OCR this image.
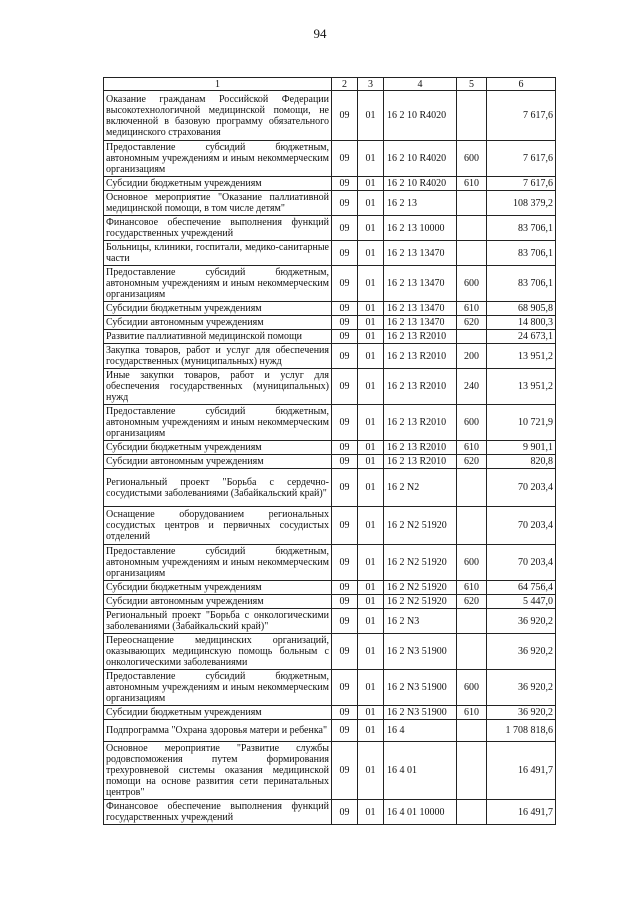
94
1	2	3	4	5	6
Оказание гражданам Российской Федерации высокотехнологичной медицинской помощи, не включенной в базовую программу обязательного медицинского страхования	09	01	16 2 10 R4020		7 617,6
Предоставление субсидий бюджетным, автономным учреждениям и иным некоммерческим организациям	09	01	16 2 10 R4020	600	7 617,6
Субсидии бюджетным учреждениям	09	01	16 2 10 R4020	610	7 617,6
Основное мероприятие "Оказание паллиативной медицинской помощи, в том числе детям"	09	01	16 2 13		108 379,2
Финансовое обеспечение выполнения функций государственных учреждений	09	01	16 2 13 10000		83 706,1
Больницы, клиники, госпитали, медико-санитарные части	09	01	16 2 13 13470		83 706,1
Предоставление субсидий бюджетным, автономным учреждениям и иным некоммерческим организациям	09	01	16 2 13 13470	600	83 706,1
Субсидии бюджетным учреждениям	09	01	16 2 13 13470	610	68 905,8
Субсидии автономным учреждениям	09	01	16 2 13 13470	620	14 800,3
Развитие паллиативной медицинской помощи	09	01	16 2 13 R2010		24 673,1
Закупка товаров, работ и услуг для обеспечения государственных (муниципальных) нужд	09	01	16 2 13 R2010	200	13 951,2
Иные закупки товаров, работ и услуг для обеспечения государственных (муниципальных) нужд	09	01	16 2 13 R2010	240	13 951,2
Предоставление субсидий бюджетным, автономным учреждениям и иным некоммерческим организациям	09	01	16 2 13 R2010	600	10 721,9
Субсидии бюджетным учреждениям	09	01	16 2 13 R2010	610	9 901,1
Субсидии автономным учреждениям	09	01	16 2 13 R2010	620	820,8
Региональный проект "Борьба с сердечно-сосудистыми заболеваниями (Забайкальский край)"	09	01	16 2 N2		70 203,4
Оснащение оборудованием региональных сосудистых центров и первичных сосудистых отделений	09	01	16 2 N2 51920		70 203,4
Предоставление субсидий бюджетным, автономным учреждениям и иным некоммерческим организациям	09	01	16 2 N2 51920	600	70 203,4
Субсидии бюджетным учреждениям	09	01	16 2 N2 51920	610	64 756,4
Субсидии автономным учреждениям	09	01	16 2 N2 51920	620	5 447,0
Региональный проект "Борьба с онкологическими заболеваниями (Забайкальский край)"	09	01	16 2 N3		36 920,2
Переоснащение медицинских организаций, оказывающих медицинскую помощь больным с онкологическими заболеваниями	09	01	16 2 N3 51900		36 920,2
Предоставление субсидий бюджетным, автономным учреждениям и иным некоммерческим организациям	09	01	16 2 N3 51900	600	36 920,2
Субсидии бюджетным учреждениям	09	01	16 2 N3 51900	610	36 920,2
Подпрограмма "Охрана здоровья матери и ребенка"	09	01	16 4		1 708 818,6
Основное мероприятие "Развитие службы родовспоможения путем формирования трехуровневой системы оказания медицинской помощи на основе развития сети перинатальных центров"	09	01	16 4 01		16 491,7
Финансовое обеспечение выполнения функций государственных учреждений	09	01	16 4 01 10000		16 491,7
